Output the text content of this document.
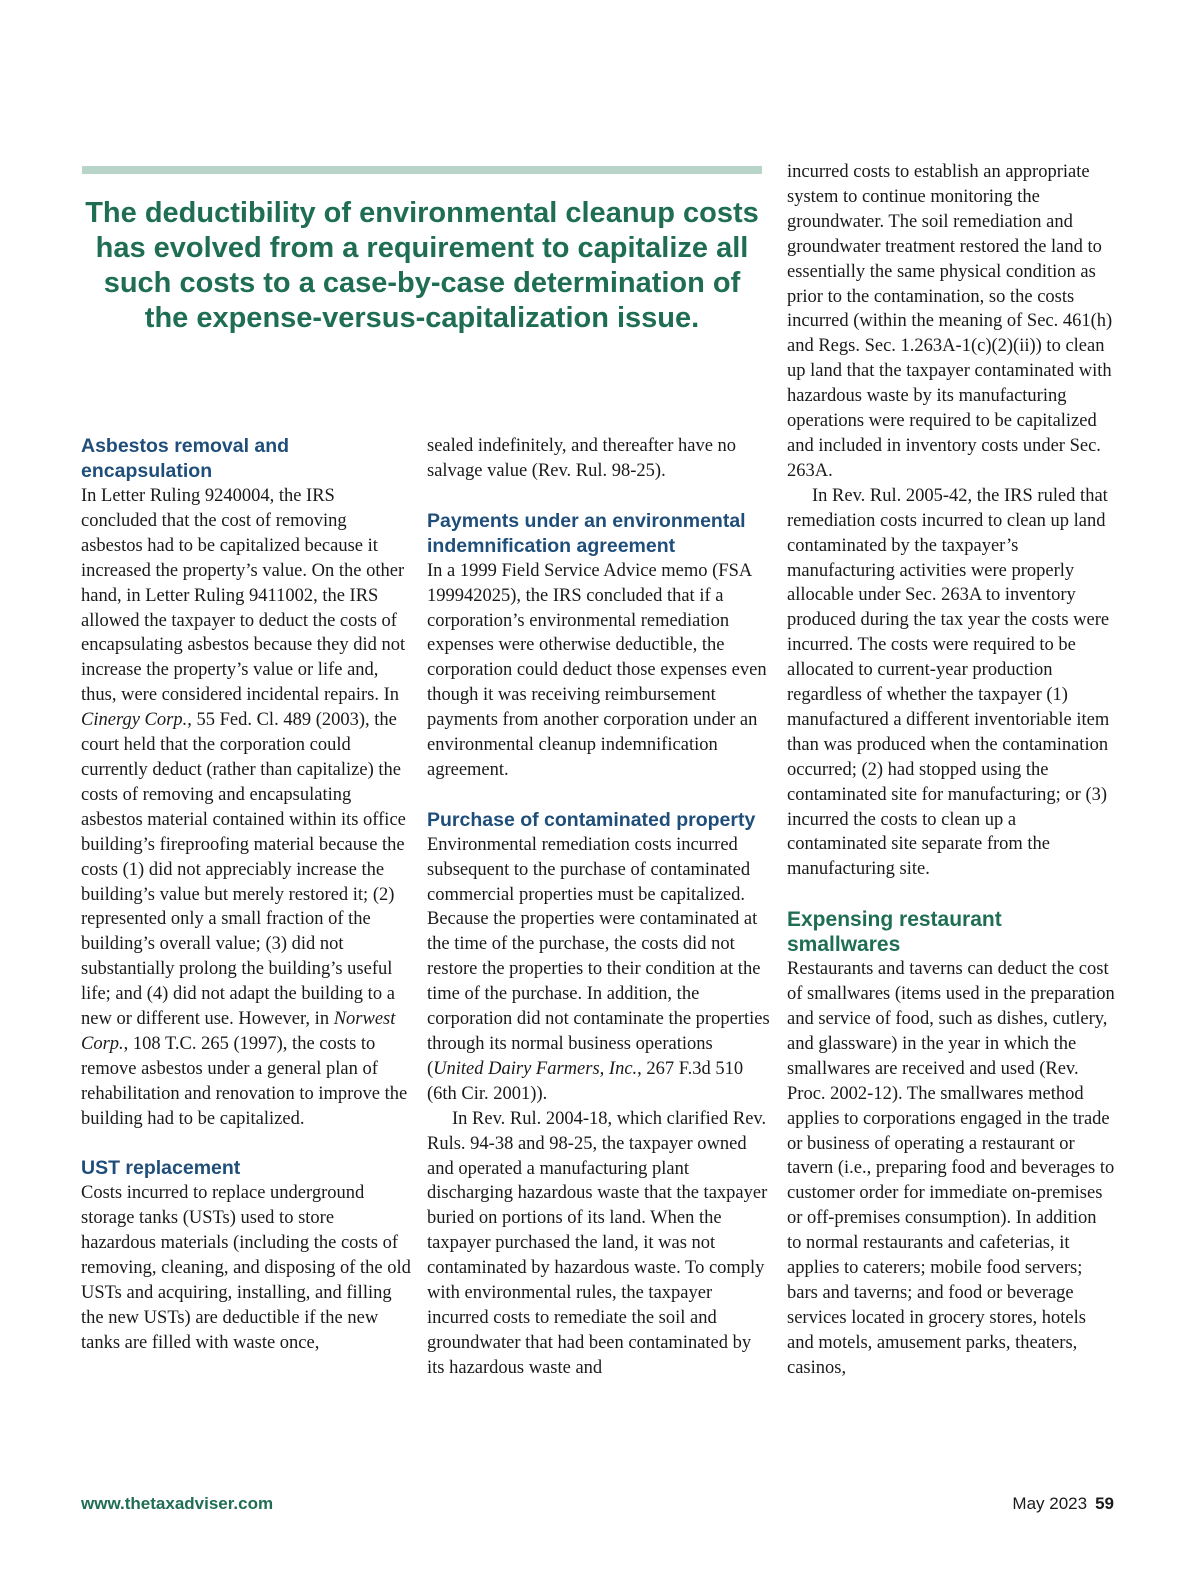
The deductibility of environmental cleanup costs has evolved from a requirement to capitalize all such costs to a case-by-case determination of the expense-versus-capitalization issue.

Asbestos removal and encapsulation

In Letter Ruling 9240004, the IRS concluded that the cost of removing asbestos had to be capitalized because it increased the property’s value. On the other hand, in Letter Ruling 9411002, the IRS allowed the taxpayer to deduct the costs of encapsulating asbestos because they did not increase the property’s value or life and, thus, were considered incidental repairs. In Cinergy Corp., 55 Fed. Cl. 489 (2003), the court held that the corporation could currently deduct (rather than capitalize) the costs of removing and encapsulating asbestos material contained within its office building’s fireproofing material because the costs (1) did not appreciably increase the building’s value but merely restored it; (2) represented only a small fraction of the building’s overall value; (3) did not substantially prolong the building’s useful life; and (4) did not adapt the building to a new or different use. However, in Norwest Corp., 108 T.C. 265 (1997), the costs to remove asbestos under a general plan of rehabilitation and renovation to improve the building had to be capitalized.

UST replacement

Costs incurred to replace underground storage tanks (USTs) used to store hazardous materials (including the costs of removing, cleaning, and disposing of the old USTs and acquiring, installing, and filling the new USTs) are deductible if the new tanks are filled with waste once,

sealed indefinitely, and thereafter have no salvage value (Rev. Rul. 98-25).

Payments under an environmental indemnification agreement

In a 1999 Field Service Advice memo (FSA 199942025), the IRS concluded that if a corporation’s environmental remediation expenses were otherwise deductible, the corporation could deduct those expenses even though it was receiving reimbursement payments from another corporation under an environmental cleanup indemnification agreement.

Purchase of contaminated property

Environmental remediation costs incurred subsequent to the purchase of contaminated commercial properties must be capitalized. Because the properties were contaminated at the time of the purchase, the costs did not restore the properties to their condition at the time of the purchase. In addition, the corporation did not contaminate the properties through its normal business operations (United Dairy Farmers, Inc., 267 F.3d 510 (6th Cir. 2001)).

In Rev. Rul. 2004-18, which clarified Rev. Ruls. 94-38 and 98-25, the taxpayer owned and operated a manufacturing plant discharging hazardous waste that the taxpayer buried on portions of its land. When the taxpayer purchased the land, it was not contaminated by hazardous waste. To comply with environmental rules, the taxpayer incurred costs to remediate the soil and groundwater that had been contaminated by its hazardous waste and

incurred costs to establish an appropriate system to continue monitoring the groundwater. The soil remediation and groundwater treatment restored the land to essentially the same physical condition as prior to the contamination, so the costs incurred (within the meaning of Sec. 461(h) and Regs. Sec. 1.263A-1(c)(2)(ii)) to clean up land that the taxpayer contaminated with hazardous waste by its manufacturing operations were required to be capitalized and included in inventory costs under Sec. 263A.

In Rev. Rul. 2005-42, the IRS ruled that remediation costs incurred to clean up land contaminated by the taxpayer’s manufacturing activities were properly allocable under Sec. 263A to inventory produced during the tax year the costs were incurred. The costs were required to be allocated to current-year production regardless of whether the taxpayer (1) manufactured a different inventoriable item than was produced when the contamination occurred; (2) had stopped using the contaminated site for manufacturing; or (3) incurred the costs to clean up a contaminated site separate from the manufacturing site.

Expensing restaurant smallwares

Restaurants and taverns can deduct the cost of smallwares (items used in the preparation and service of food, such as dishes, cutlery, and glassware) in the year in which the smallwares are received and used (Rev. Proc. 2002-12). The smallwares method applies to corporations engaged in the trade or business of operating a restaurant or tavern (i.e., preparing food and beverages to customer order for immediate on-premises or off-premises consumption). In addition to normal restaurants and cafeterias, it applies to caterers; mobile food servers; bars and taverns; and food or beverage services located in grocery stores, hotels and motels, amusement parks, theaters, casinos,

www.thetaxadviser.com	May 2023 59
